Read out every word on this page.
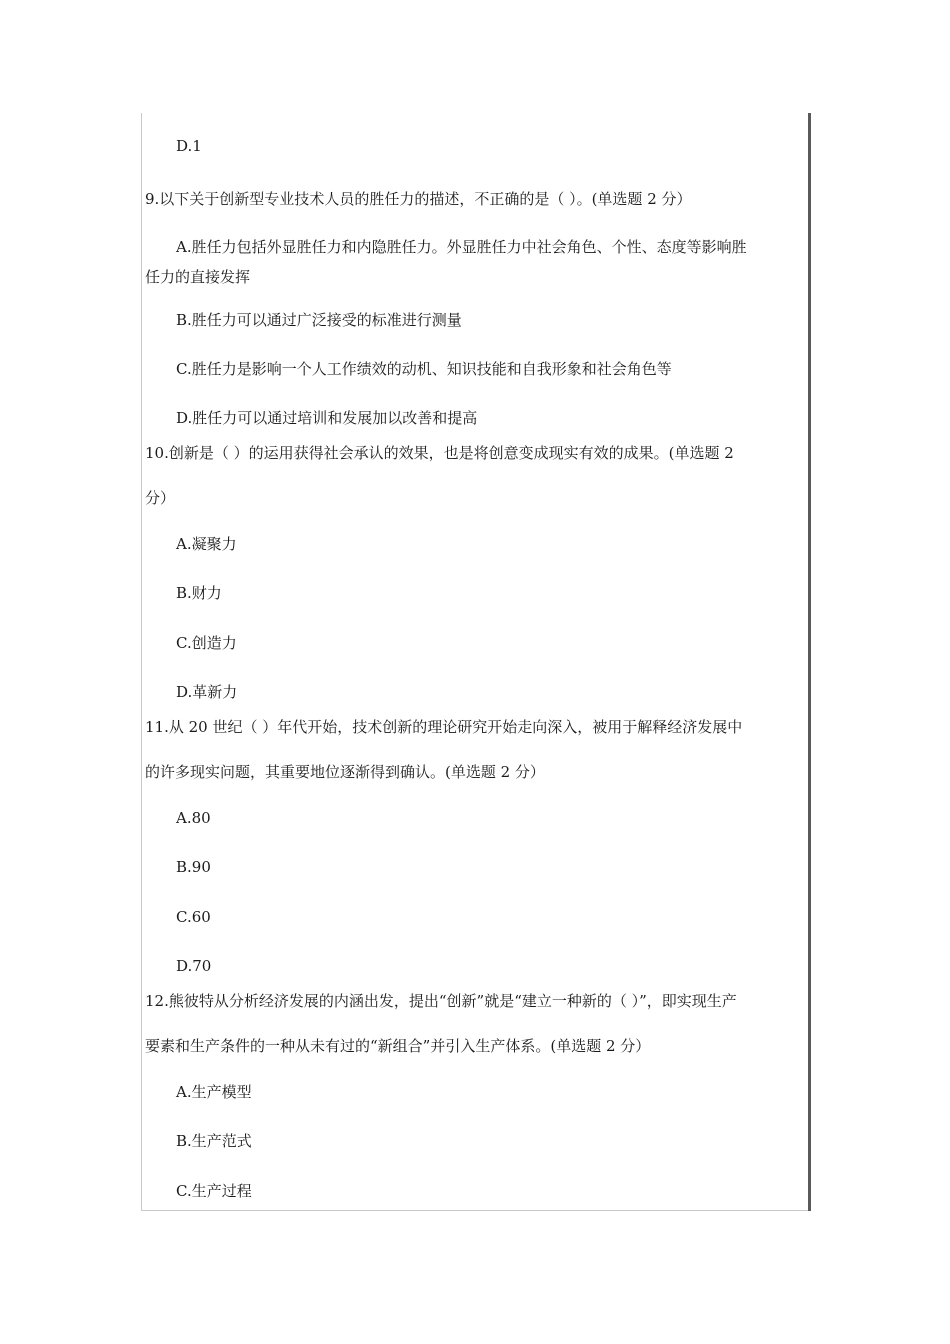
D.1
9.以下关于创新型专业技术人员的胜任力的描述，不正确的是（ ）。(单选题 2 分）
A.胜任力包括外显胜任力和内隐胜任力。外显胜任力中社会角色、个性、态度等影响胜
任力的直接发挥
B.胜任力可以通过广泛接受的标准进行测量
C.胜任力是影响一个人工作绩效的动机、知识技能和自我形象和社会角色等
D.胜任力可以通过培训和发展加以改善和提高
10.创新是（ ）的运用获得社会承认的效果，也是将创意变成现实有效的成果。(单选题 2
分）
A.凝聚力
B.财力
C.创造力
D.革新力
11.从 20 世纪（ ）年代开始，技术创新的理论研究开始走向深入，被用于解释经济发展中
的许多现实问题，其重要地位逐渐得到确认。(单选题 2 分）
A.80
B.90
C.60
D.70
12.熊彼特从分析经济发展的内涵出发，提出“创新”就是“建立一种新的（ ）”，即实现生产
要素和生产条件的一种从未有过的“新组合”并引入生产体系。(单选题 2 分）
A.生产模型
B.生产范式
C.生产过程
